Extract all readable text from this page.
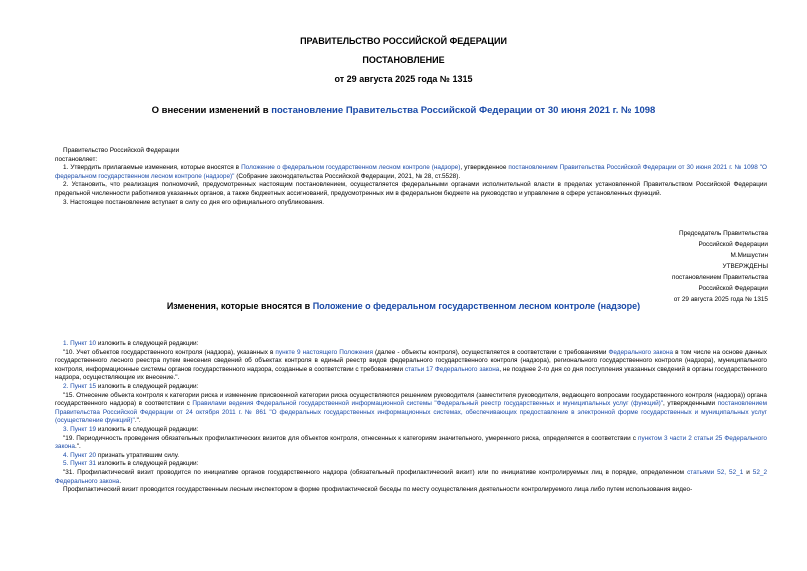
ПРАВИТЕЛЬСТВО РОССИЙСКОЙ ФЕДЕРАЦИИ
ПОСТАНОВЛЕНИЕ
от 29 августа 2025 года № 1315
О внесении изменений в постановление Правительства Российской Федерации от 30 июня 2021 г. № 1098

Правительство Российской Федерации

постановляет:

1. Утвердить прилагаемые изменения, которые вносятся в Положение о федеральном государственном лесном контроле (надзоре), утвержденное постановлением Правительства Российской Федерации от 30 июня 2021 г. № 1098 "О федеральном государственном лесном контроле (надзоре)" (Собрание законодательства Российской Федерации, 2021, № 28, ст.5528).

2. Установить, что реализация полномочий, предусмотренных настоящим постановлением, осуществляется федеральными органами исполнительной власти в пределах установленной Правительством Российской Федерации предельной численности работников указанных органов, а также бюджетных ассигнований, предусмотренных им в федеральном бюджете на руководство и управление в сфере установленных функций.

3. Настоящее постановление вступает в силу со дня его официального опубликования.

Председатель Правительства
Российской Федерации
М.Мишустин
УТВЕРЖДЕНЫ
постановлением Правительства
Российской Федерации
от 29 августа 2025 года № 1315
Изменения, которые вносятся в Положение о федеральном государственном лесном контроле (надзоре)

1. Пункт 10 изложить в следующей редакции:

"10. Учет объектов государственного контроля (надзора), указанных в пункте 9 настоящего Положения (далее - объекты контроля), осуществляется в соответствии с требованиями Федерального закона в том числе на основе данных государственного лесного реестра путем внесения сведений об объектах контроля в единый реестр видов федерального государственного контроля (надзора), регионального государственного контроля (надзора), муниципального контроля, информационные системы органов государственного надзора, созданные в соответствии с требованиями статьи 17 Федерального закона, не позднее 2-го дня со дня поступления указанных сведений в органы государственного надзора, осуществляющие их внесение.".

2. Пункт 15 изложить в следующей редакции:

"15. Отнесение объекта контроля к категории риска и изменение присвоенной категории риска осуществляются решением руководителя (заместителя руководителя, ведающего вопросами государственного контроля (надзора)) органа государственного надзора) в соответствии с Правилами ведения Федеральной государственной информационной системы "Федеральный реестр государственных и муниципальных услуг (функций)", утвержденными постановлением Правительства Российской Федерации от 24 октября 2011 г. № 861 "О федеральных государственных информационных системах, обеспечивающих предоставление в электронной форме государственных и муниципальных услуг (осуществление функций)".".

3. Пункт 19 изложить в следующей редакции:

"19. Периодичность проведения обязательных профилактических визитов для объектов контроля, отнесенных к категориям значительного, умеренного риска, определяется в соответствии с пунктом 3 части 2 статьи 25 Федерального закона.".

4. Пункт 20 признать утратившим силу.

5. Пункт 31 изложить в следующей редакции:

"31. Профилактический визит проводится по инициативе органов государственного надзора (обязательный профилактический визит) или по инициативе контролируемых лиц в порядке, определенном статьями 52, 52_1 и 52_2 Федерального закона.

Профилактический визит проводится государственным лесным инспектором в форме профилактической беседы по месту осуществления деятельности контролируемого лица либо путем использования видео-
